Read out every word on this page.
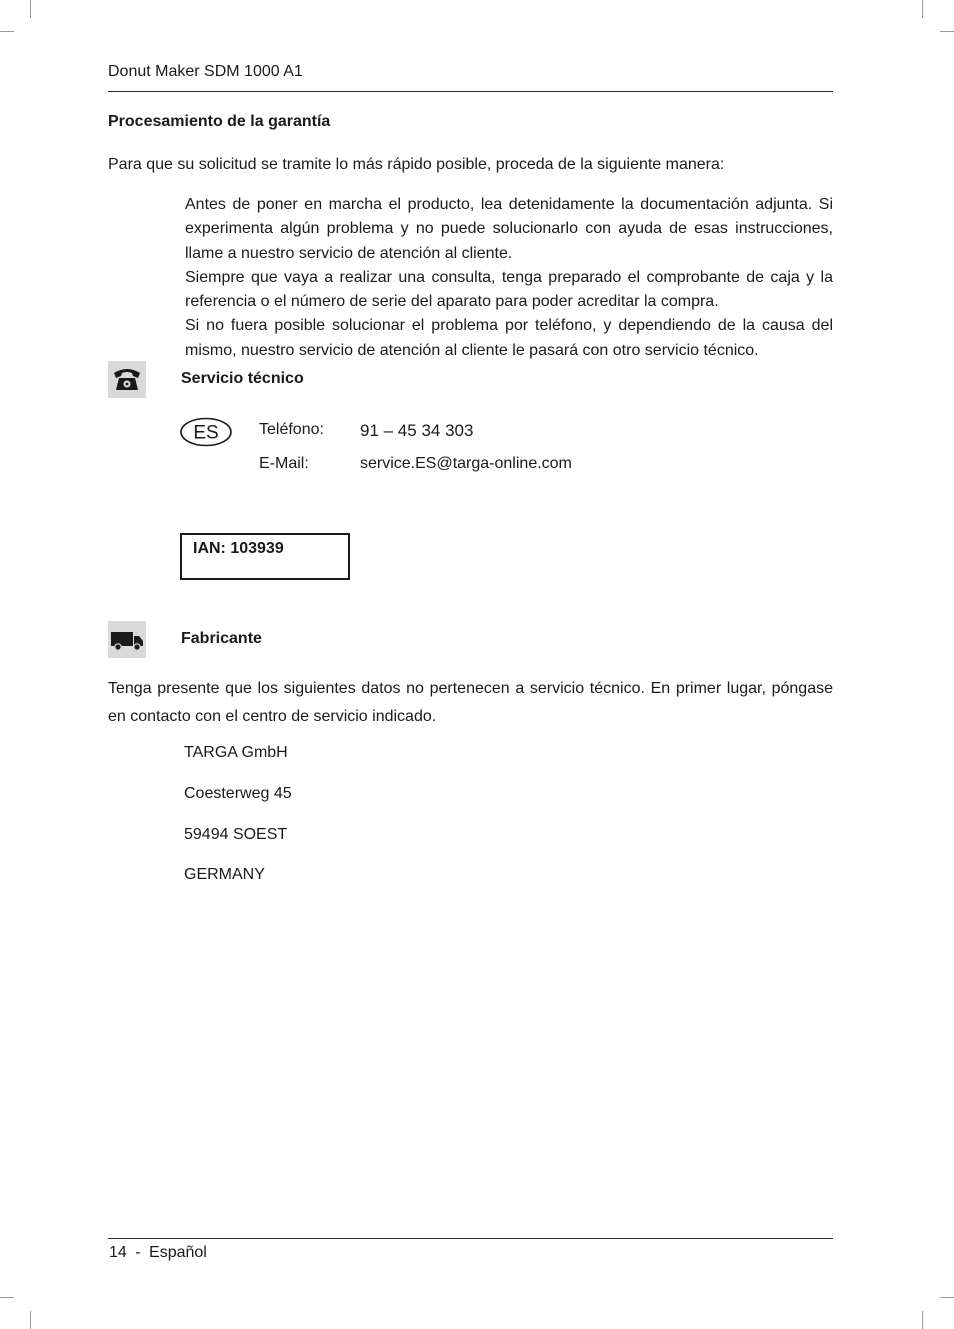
Donut Maker SDM 1000 A1
Procesamiento de la garantía
Para que su solicitud se tramite lo más rápido posible, proceda de la siguiente manera:

Antes de poner en marcha el producto, lea detenidamente la documentación adjunta. Si experimenta algún problema y no puede solucionarlo con ayuda de esas instrucciones, llame a nuestro servicio de atención al cliente.

Siempre que vaya a realizar una consulta, tenga preparado el comprobante de caja y la referencia o el número de serie del aparato para poder acreditar la compra.

Si no fuera posible solucionar el problema por teléfono, y dependiendo de la causa del mismo, nuestro servicio de atención al cliente le pasará con otro servicio técnico.

Servicio técnico
ES	Teléfono: 91 – 45 34 303
E-Mail:	service.ES@targa-online.com
IAN: 103939
Fabricante
Tenga presente que los siguientes datos no pertenecen a servicio técnico. En primer lugar, póngase en contacto con el centro de servicio indicado.
TARGA GmbH
Coesterweg 45
59494 SOEST
GERMANY
14 - Español
